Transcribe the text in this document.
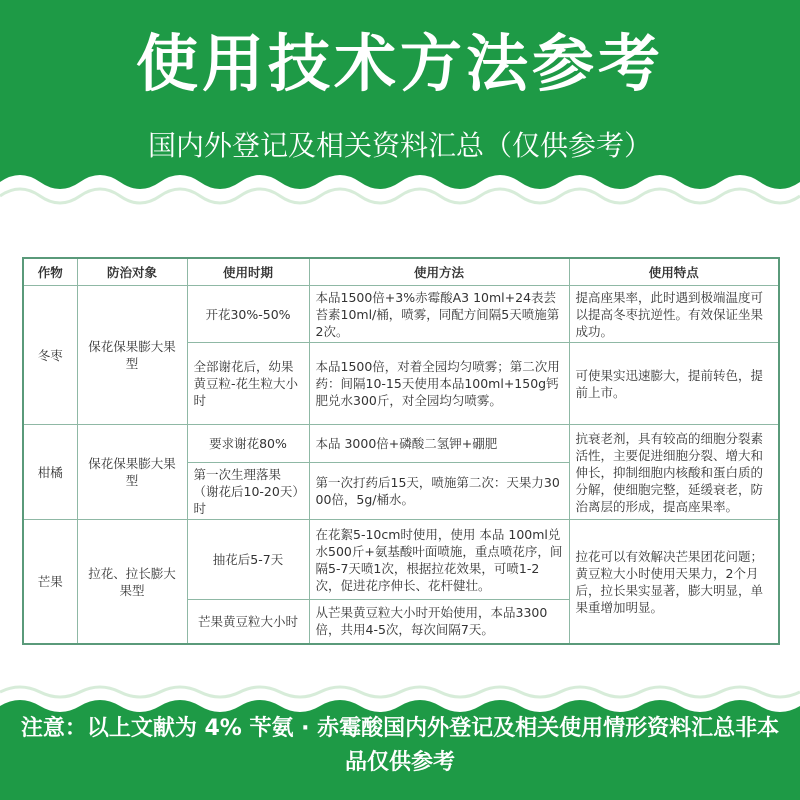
使用技术方法参考
国内外登记及相关资料汇总（仅供参考）
作物	防治对象	使用时期	使用方法	使用特点
冬枣	保花保果膨大果型	开花30%-50%	本品1500倍+3%赤霉酸A3 10ml+24表芸苔素10ml/桶，喷雾，同配方间隔5天喷施第2次。	提高座果率，此时遇到极端温度可以提高冬枣抗逆性。有效保证坐果成功。
		全部谢花后，幼果黄豆粒-花生粒大小时	本品1500倍，对着全园均匀喷雾；第二次用药：间隔10-15天使用本品100ml+150g钙肥兑水300斤，对全园均匀喷雾。	可使果实迅速膨大，提前转色，提前上市。
柑橘	保花保果膨大果型	要求谢花80%	本品 3000倍+磷酸二氢钾+硼肥	抗衰老剂，具有较高的细胞分裂素活性，主要促进细胞分裂、增大和伸长，抑制细胞内核酸和蛋白质的分解，使细胞完整，延缓衰老，防治离层的形成，提高座果率。
		第一次生理落果（谢花后10-20天）时	第一次打药后15天，喷施第二次：天果力3000倍，5g/桶水。	
芒果	拉花、拉长膨大果型	抽花后5-7天	在花絮5-10cm时使用，使用 本品 100ml兑水500斤+氨基酸叶面喷施，重点喷花序，间隔5-7天喷1次，根据拉花效果，可喷1-2次，促进花序伸长、花杆健壮。	拉花可以有效解决芒果团花问题；黄豆粒大小时使用天果力，2个月后，拉长果实显著，膨大明显，单果重增加明显。
		芒果黄豆粒大小时	从芒果黄豆粒大小时开始使用，本品3300倍，共用4-5次，每次间隔7天。	
注意：以上文献为 4% 苄氨 · 赤霉酸国内外登记及相关使用情形资料汇总非本品仅供参考
